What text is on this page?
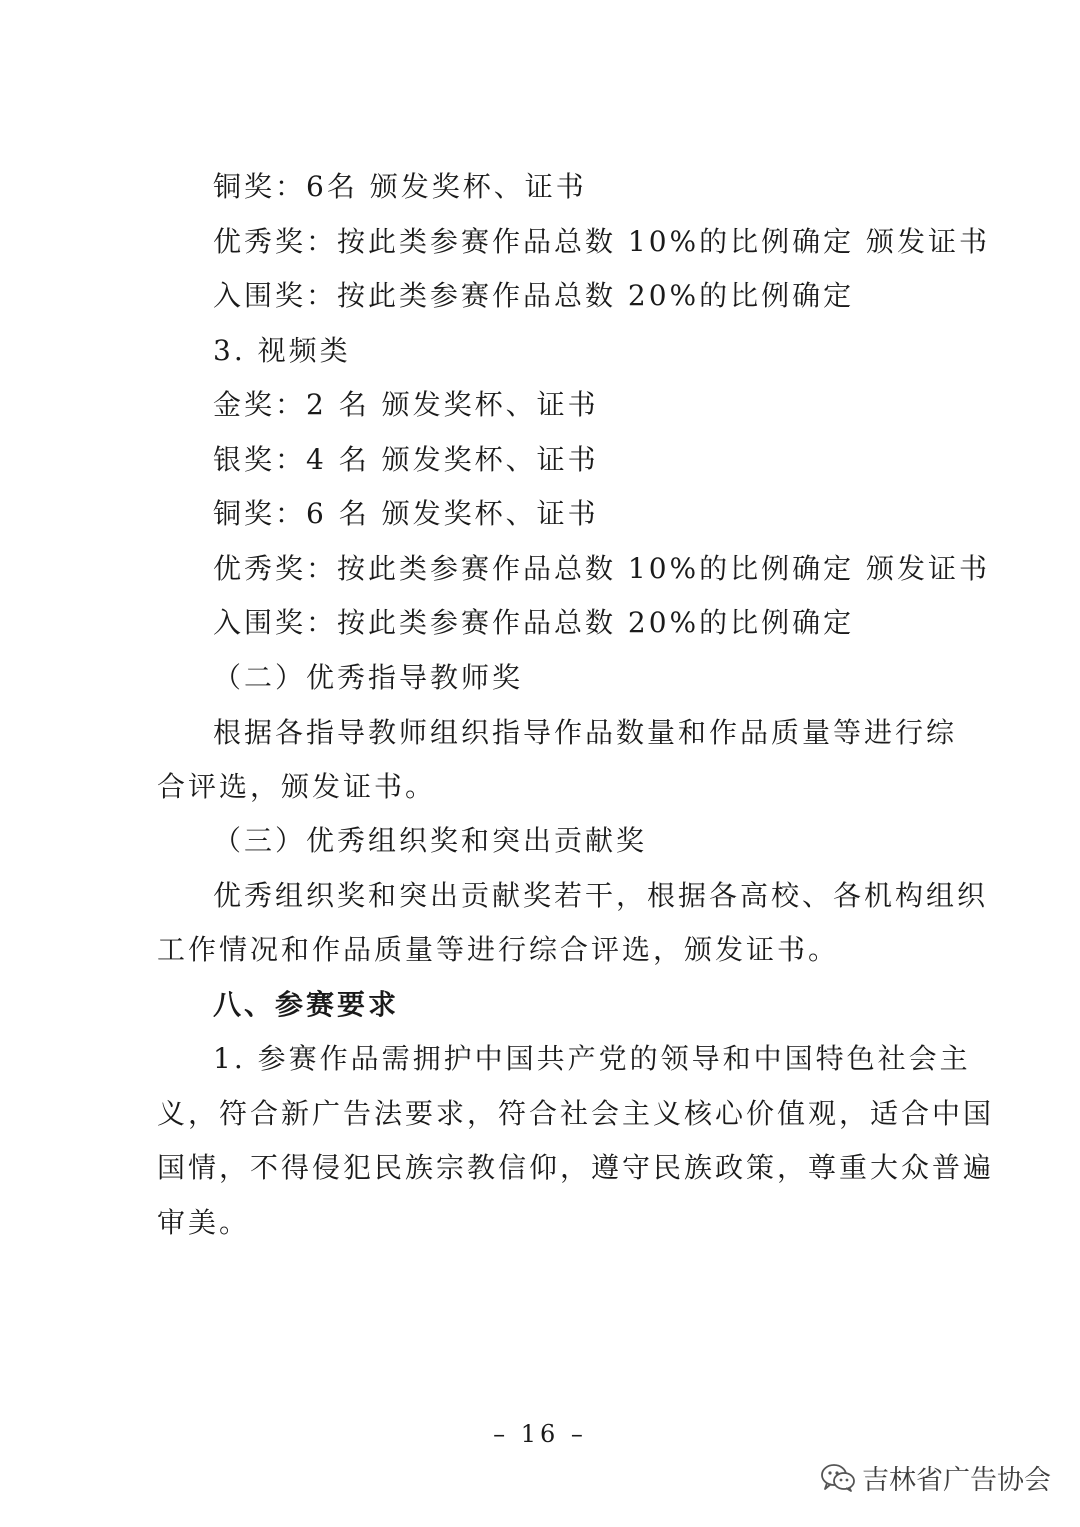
铜奖：6名 颁发奖杯、证书
优秀奖：按此类参赛作品总数 10%的比例确定 颁发证书
入围奖：按此类参赛作品总数 20%的比例确定
3. 视频类
金奖：2 名 颁发奖杯、证书
银奖：4 名 颁发奖杯、证书
铜奖：6 名 颁发奖杯、证书
优秀奖：按此类参赛作品总数 10%的比例确定 颁发证书
入围奖：按此类参赛作品总数 20%的比例确定
（二）优秀指导教师奖
根据各指导教师组织指导作品数量和作品质量等进行综
合评选，颁发证书。
（三）优秀组织奖和突出贡献奖
优秀组织奖和突出贡献奖若干，根据各高校、各机构组织
工作情况和作品质量等进行综合评选，颁发证书。
八、参赛要求
1. 参赛作品需拥护中国共产党的领导和中国特色社会主
义，符合新广告法要求，符合社会主义核心价值观，适合中国
国情，不得侵犯民族宗教信仰，遵守民族政策，尊重大众普遍
审美。
– 16 –
吉林省广告协会
